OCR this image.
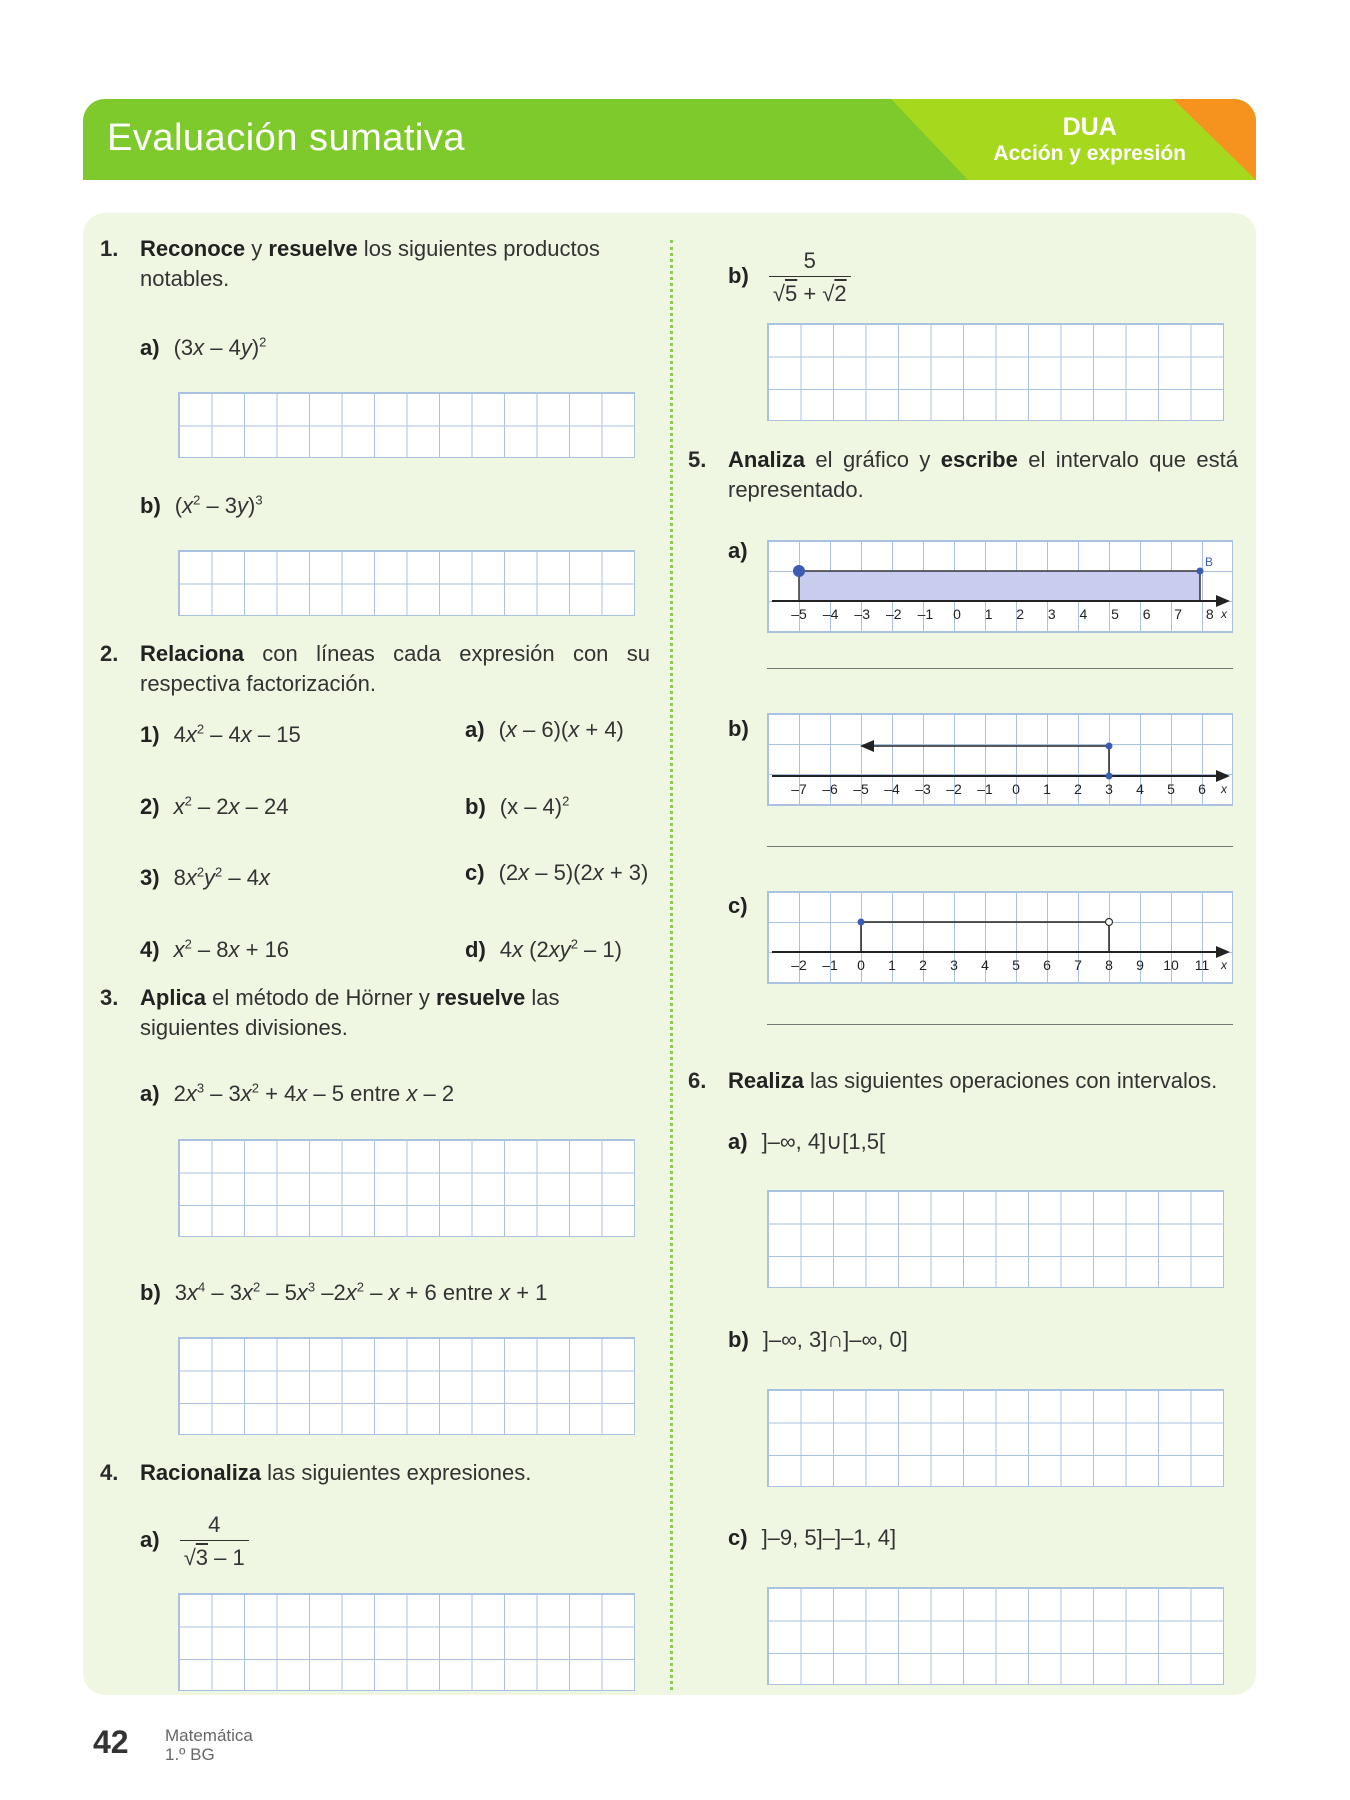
Evaluación sumativa	DUA
Acción y expresión
1. Reconoce y resuelve los siguientes productos notables.
a) (3x – 4y)$^2$
b) $(x^2 - 3y)^3$
2. Relaciona con líneas cada expresión con su respectiva factorización.
1) $4x^2 - 4x - 15$
2) $x^2 - 2x - 24$
3) $8x^2y^2 - 4x$
4) $x^2 - 8x + 16$
a) (x – 6)(x + 4)
b) (x – 4)$^2$
c) (2x – 5)(2x + 3)
d) 4x $(2xy^2 - 1)$
3. Aplica el método de Hörner y resuelve las siguientes divisiones.
a) $2x^3 - 3x^2 + 4x - 5$ entre x – 2
b) $3x^4 - 3x^2 - 5x^3$ $-2x^2 - x + 6$ entre x + 1
4. Racionaliza las siguientes expresiones.
$a) \frac{4}{√3 - 1}$
$b) \frac{5}{√5 + √2}$
5. Analiza el gráfico y escribe el intervalo que está representado.
a)	B
x
–5 –4 –3 –2 –1 0 1 2 3 4 5 6 7 8
b)
x
–7 –6 –5 –4 –3 –2 –1 0 1 2 3 4 5 6
c)
x
–2 –1 0 1 2 3 4 5 6 7 8 9 10 11
6. Realiza las siguientes operaciones con intervalos.
a) ]–∞, 4]∪[1,5[
b) ]–∞, 3]∩]–∞, 0]
c) ]–9, 5]–]–1, 4]
42 Matemática
1.º BG
